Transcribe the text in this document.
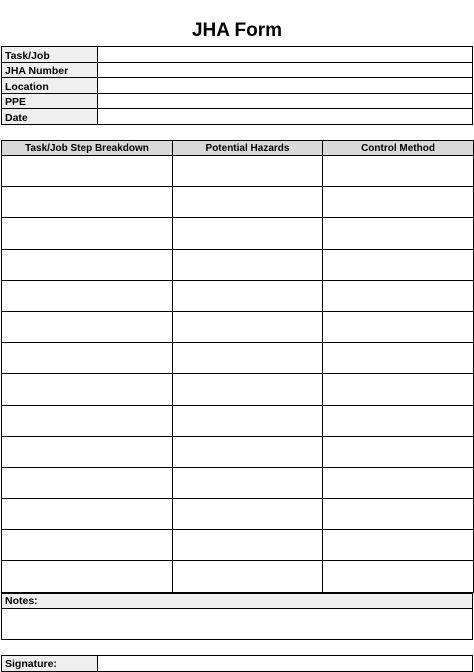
JHA Form
Task/Job	
JHA Number	
Location	
PPE	
Date	
Task/Job Step Breakdown	Potential Hazards	Control Method

Notes:

Signature:	
